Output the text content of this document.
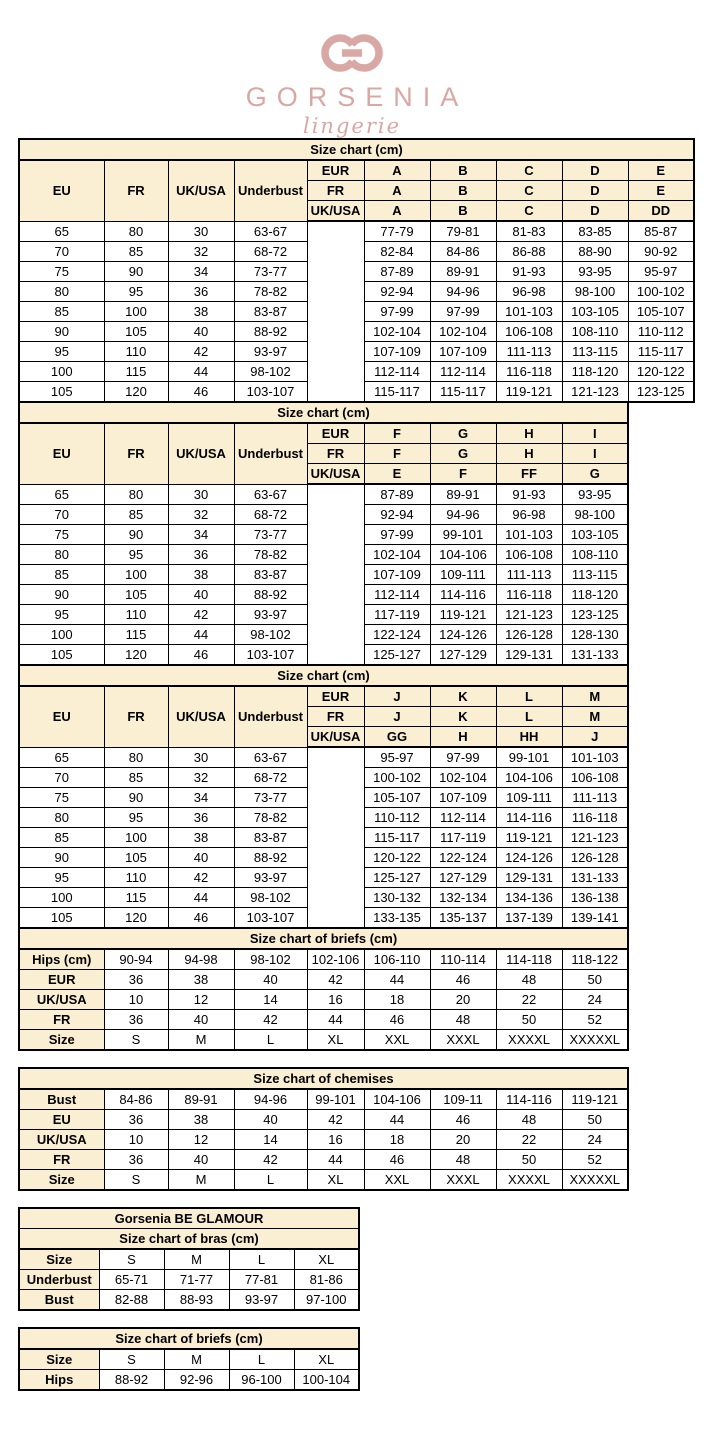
GORSENIA
lingerie
Size chart (cm)									
EU	FR	UK/USA	Underbust	EUR	A	B	C	D	E
				FR	A	B	C	D	E
				UK/USA	A	B	C	D	DD
65	80	30	63-67		77-79	79-81	81-83	83-85	85-87
70	85	32	68-72		82-84	84-86	86-88	88-90	90-92
75	90	34	73-77		87-89	89-91	91-93	93-95	95-97
80	95	36	78-82		92-94	94-96	96-98	98-100	100-102
85	100	38	83-87		97-99	97-99	101-103	103-105	105-107
90	105	40	88-92		102-104	102-104	106-108	108-110	110-112
95	110	42	93-97		107-109	107-109	111-113	113-115	115-117
100	115	44	98-102		112-114	112-114	116-118	118-120	120-122
105	120	46	103-107		115-117	115-117	119-121	121-123	123-125
Size chart (cm)								
EU	FR	UK/USA	Underbust	EUR	F	G	H	I
				FR	F	G	H	I
				UK/USA	E	F	FF	G
65	80	30	63-67		87-89	89-91	91-93	93-95
70	85	32	68-72		92-94	94-96	96-98	98-100
75	90	34	73-77		97-99	99-101	101-103	103-105
80	95	36	78-82		102-104	104-106	106-108	108-110
85	100	38	83-87		107-109	109-111	111-113	113-115
90	105	40	88-92		112-114	114-116	116-118	118-120
95	110	42	93-97		117-119	119-121	121-123	123-125
100	115	44	98-102		122-124	124-126	126-128	128-130
105	120	46	103-107		125-127	127-129	129-131	131-133
Size chart (cm)								
EU	FR	UK/USA	Underbust	EUR	J	K	L	M
				FR	J	K	L	M
				UK/USA	GG	H	HH	J
65	80	30	63-67		95-97	97-99	99-101	101-103
70	85	32	68-72		100-102	102-104	104-106	106-108
75	90	34	73-77		105-107	107-109	109-111	111-113
80	95	36	78-82		110-112	112-114	114-116	116-118
85	100	38	83-87		115-117	117-119	119-121	121-123
90	105	40	88-92		120-122	122-124	124-126	126-128
95	110	42	93-97		125-127	127-129	129-131	131-133
100	115	44	98-102		130-132	132-134	134-136	136-138
105	120	46	103-107		133-135	135-137	137-139	139-141
Size chart of briefs (cm)								
Hips (cm)	90-94	94-98	98-102	102-106	106-110	110-114	114-118	118-122
EUR	36	38	40	42	44	46	48	50
UK/USA	10	12	14	16	18	20	22	24
FR	36	40	42	44	46	48	50	52
Size	S	M	L	XL	XXL	XXXL	XXXXL	XXXXXL
Size chart of chemises								
Bust	84-86	89-91	94-96	99-101	104-106	109-11	114-116	119-121
EU	36	38	40	42	44	46	48	50
UK/USA	10	12	14	16	18	20	22	24
FR	36	40	42	44	46	48	50	52
Size	S	M	L	XL	XXL	XXXL	XXXXL	XXXXXL
Gorsenia BE GLAMOUR				
Size chart of bras (cm)				
Size	S	M	L	XL
Underbust	65-71	71-77	77-81	81-86
Bust	82-88	88-93	93-97	97-100
Size chart of briefs (cm)				
Size	S	M	L	XL
Hips	88-92	92-96	96-100	100-104
